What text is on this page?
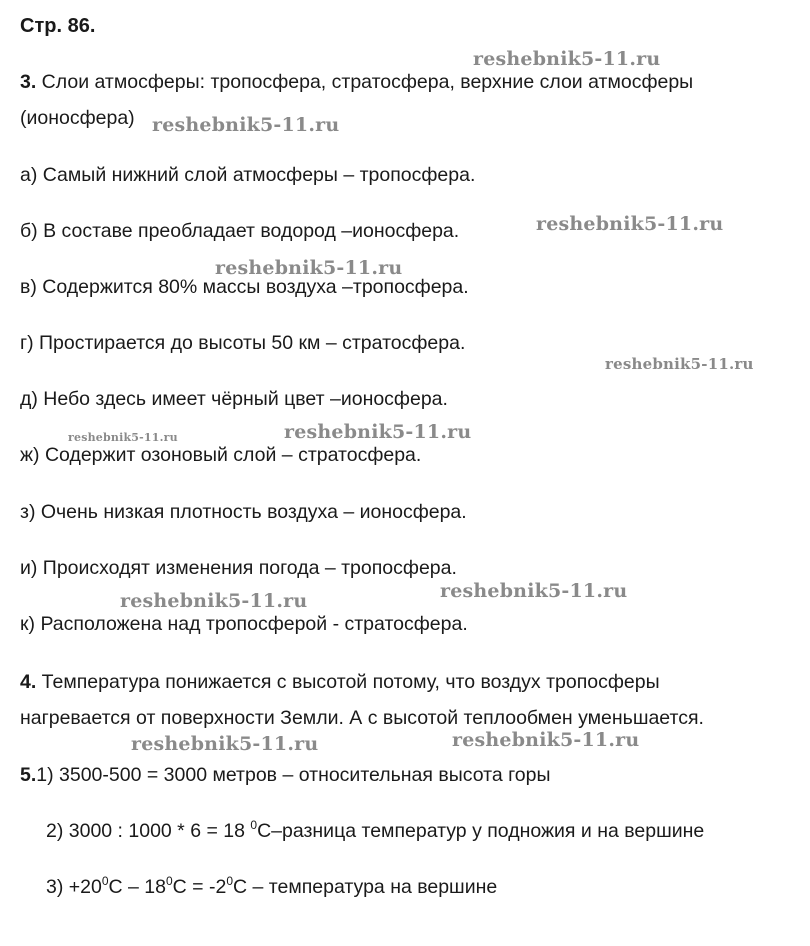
Стр. 86.
3. Слои атмосферы: тропосфера, стратосфера, верхние слои атмосферы
(ионосфера)
а) Самый нижний слой атмосферы – тропосфера.
б) В составе преобладает водород –ионосфера.
в) Содержится 80% массы воздуха –тропосфера.
г) Простирается до высоты 50 км – стратосфера.
д) Небо здесь имеет чёрный цвет –ионосфера.
ж) Содержит озоновый слой – стратосфера.
з) Очень низкая плотность воздуха – ионосфера.
и) Происходят изменения погода – тропосфера.
к) Расположена над тропосферой - стратосфера.
4. Температура понижается с высотой потому, что воздух тропосферы
нагревается от поверхности Земли. А с высотой теплообмен уменьшается.
5.1) 3500-500 = 3000 метров – относительная высота горы
2) 3000 : 1000 * 6 = 18 $^0$С–разница температур у подножия и на вершине
$3) +20^0С - 18^0С = -2^0С$ – температура на вершине
reshebnik5-11.ru
reshebnik5-11.ru
reshebnik5-11.ru
reshebnik5-11.ru
reshebnik5-11.ru
reshebnik5-11.ru	reshebnik5-11.ru
reshebnik5-11.ru
reshebnik5-11.ru
reshebnik5-11.ru	reshebnik5-11.ru
